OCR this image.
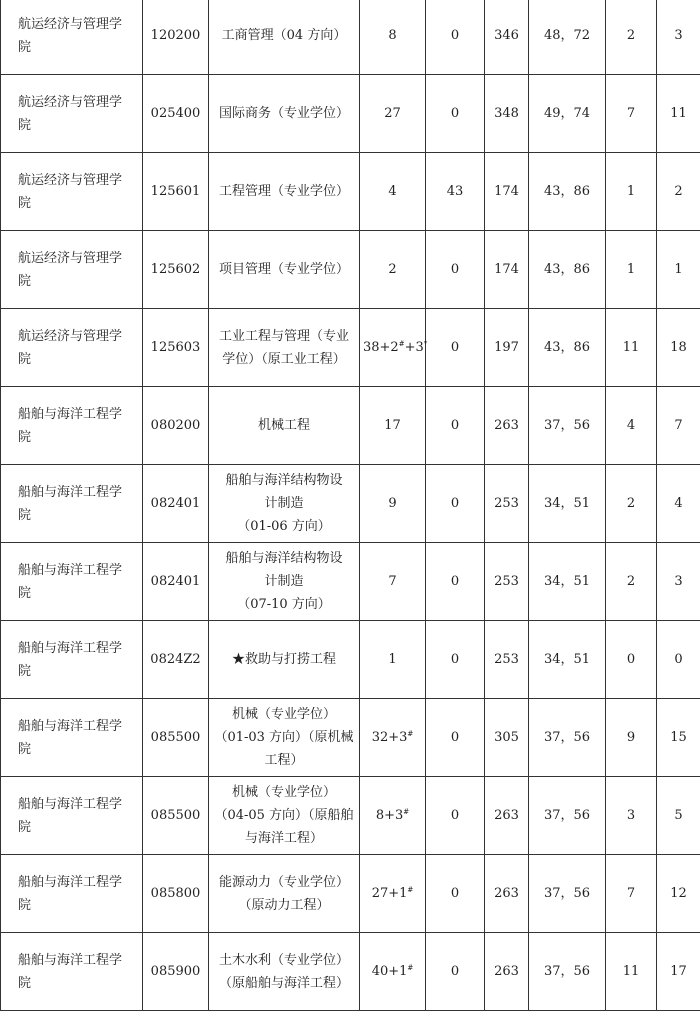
航运经济与管理学院	120200	工商管理（04 方向）	8	0	346	48，72	2	3
航运经济与管理学院	025400	国际商务（专业学位）	27	0	348	49，74	7	11
航运经济与管理学院	125601	工程管理（专业学位）	4	43	174	43，86	1	2
航运经济与管理学院	125602	项目管理（专业学位）	2	0	174	43，86	1	1
航运经济与管理学院	125603	工业工程与管理（专业
学位）（原工业工程）	38+2#+3*	0	197	43，86	11	18
船舶与海洋工程学院	080200	机械工程	17	0	263	37，56	4	7
船舶与海洋工程学院	082401	船舶与海洋结构物设
计制造
（01-06 方向）	9	0	253	34，51	2	4
船舶与海洋工程学院	082401	船舶与海洋结构物设
计制造
（07-10 方向）	7	0	253	34，51	2	3
船舶与海洋工程学院	0824Z2	★救助与打捞工程	1	0	253	34，51	0	0
船舶与海洋工程学院	085500	机械（专业学位）
（01-03 方向）（原机械
工程）	32+3#	0	305	37，56	9	15
船舶与海洋工程学院	085500	机械（专业学位）
（04-05 方向）（原船舶
与海洋工程）	8+3#	0	263	37，56	3	5
船舶与海洋工程学院	085800	能源动力（专业学位）
（原动力工程）	27+1#	0	263	37，56	7	12
船舶与海洋工程学院	085900	土木水利（专业学位）
（原船舶与海洋工程）	40+1#	0	263	37，56	11	17
